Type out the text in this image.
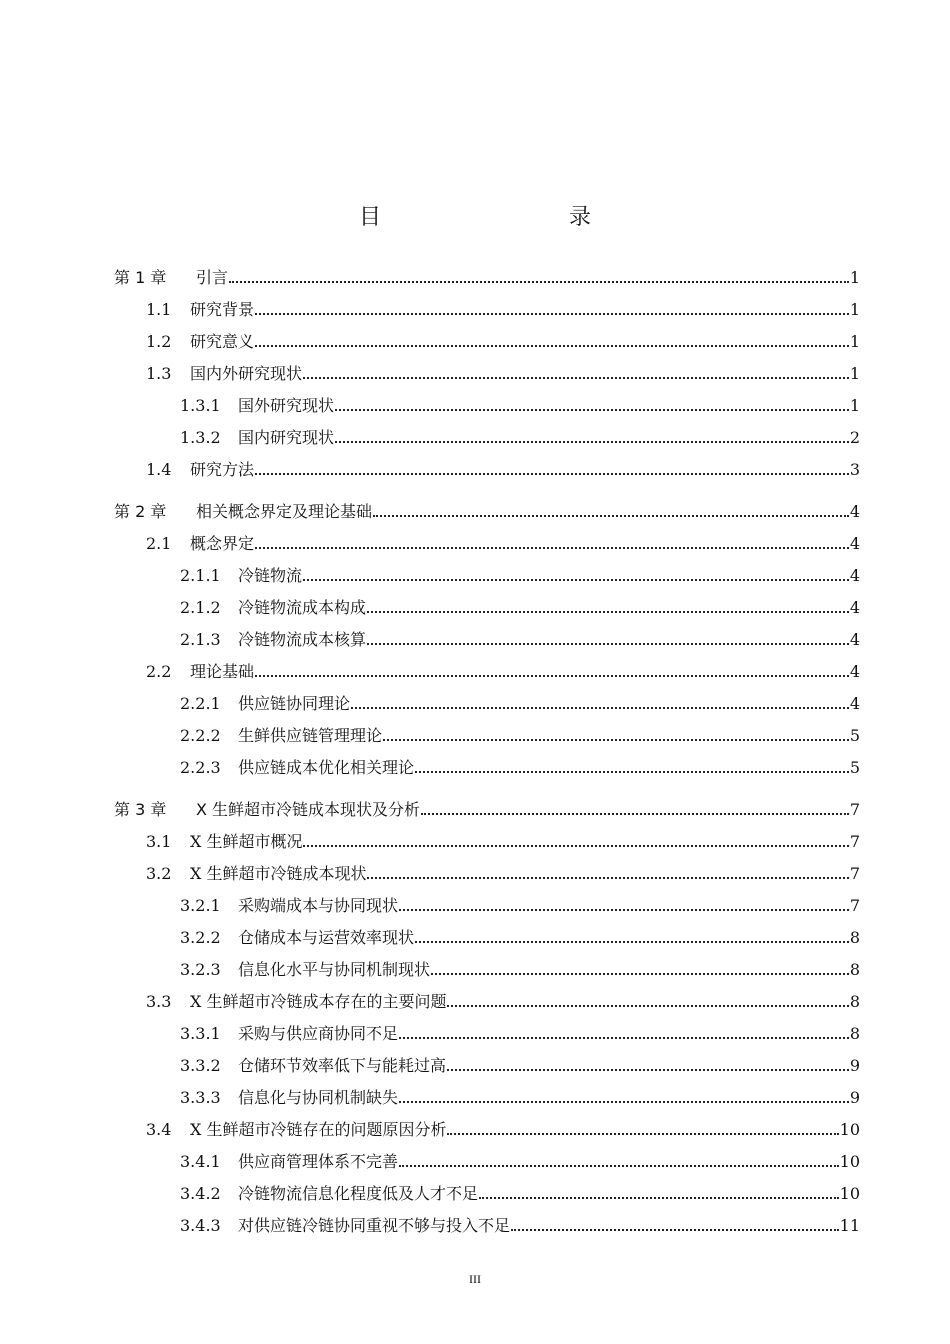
目　　录
第 1 章	引言	1
1.1	研究背景	1
1.2	研究意义	1
1.3	国内外研究现状	1
1.3.1	国外研究现状	1
1.3.2	国内研究现状	2
1.4	研究方法	3
第 2 章	相关概念界定及理论基础	4
2.1	概念界定	4
2.1.1	冷链物流	4
2.1.2	冷链物流成本构成	4
2.1.3	冷链物流成本核算	4
2.2	理论基础	4
2.2.1	供应链协同理论	4
2.2.2	生鲜供应链管理理论	5
2.2.3	供应链成本优化相关理论	5
第 3 章	X 生鲜超市冷链成本现状及分析	7
3.1	X 生鲜超市概况	7
3.2	X 生鲜超市冷链成本现状	7
3.2.1	采购端成本与协同现状	7
3.2.2	仓储成本与运营效率现状	8
3.2.3	信息化水平与协同机制现状	8
3.3	X 生鲜超市冷链成本存在的主要问题	8
3.3.1	采购与供应商协同不足	8
3.3.2	仓储环节效率低下与能耗过高	9
3.3.3	信息化与协同机制缺失	9
3.4	X 生鲜超市冷链存在的问题原因分析	10
3.4.1	供应商管理体系不完善	10
3.4.2	冷链物流信息化程度低及人才不足	10
3.4.3	对供应链冷链协同重视不够与投入不足	11
III
